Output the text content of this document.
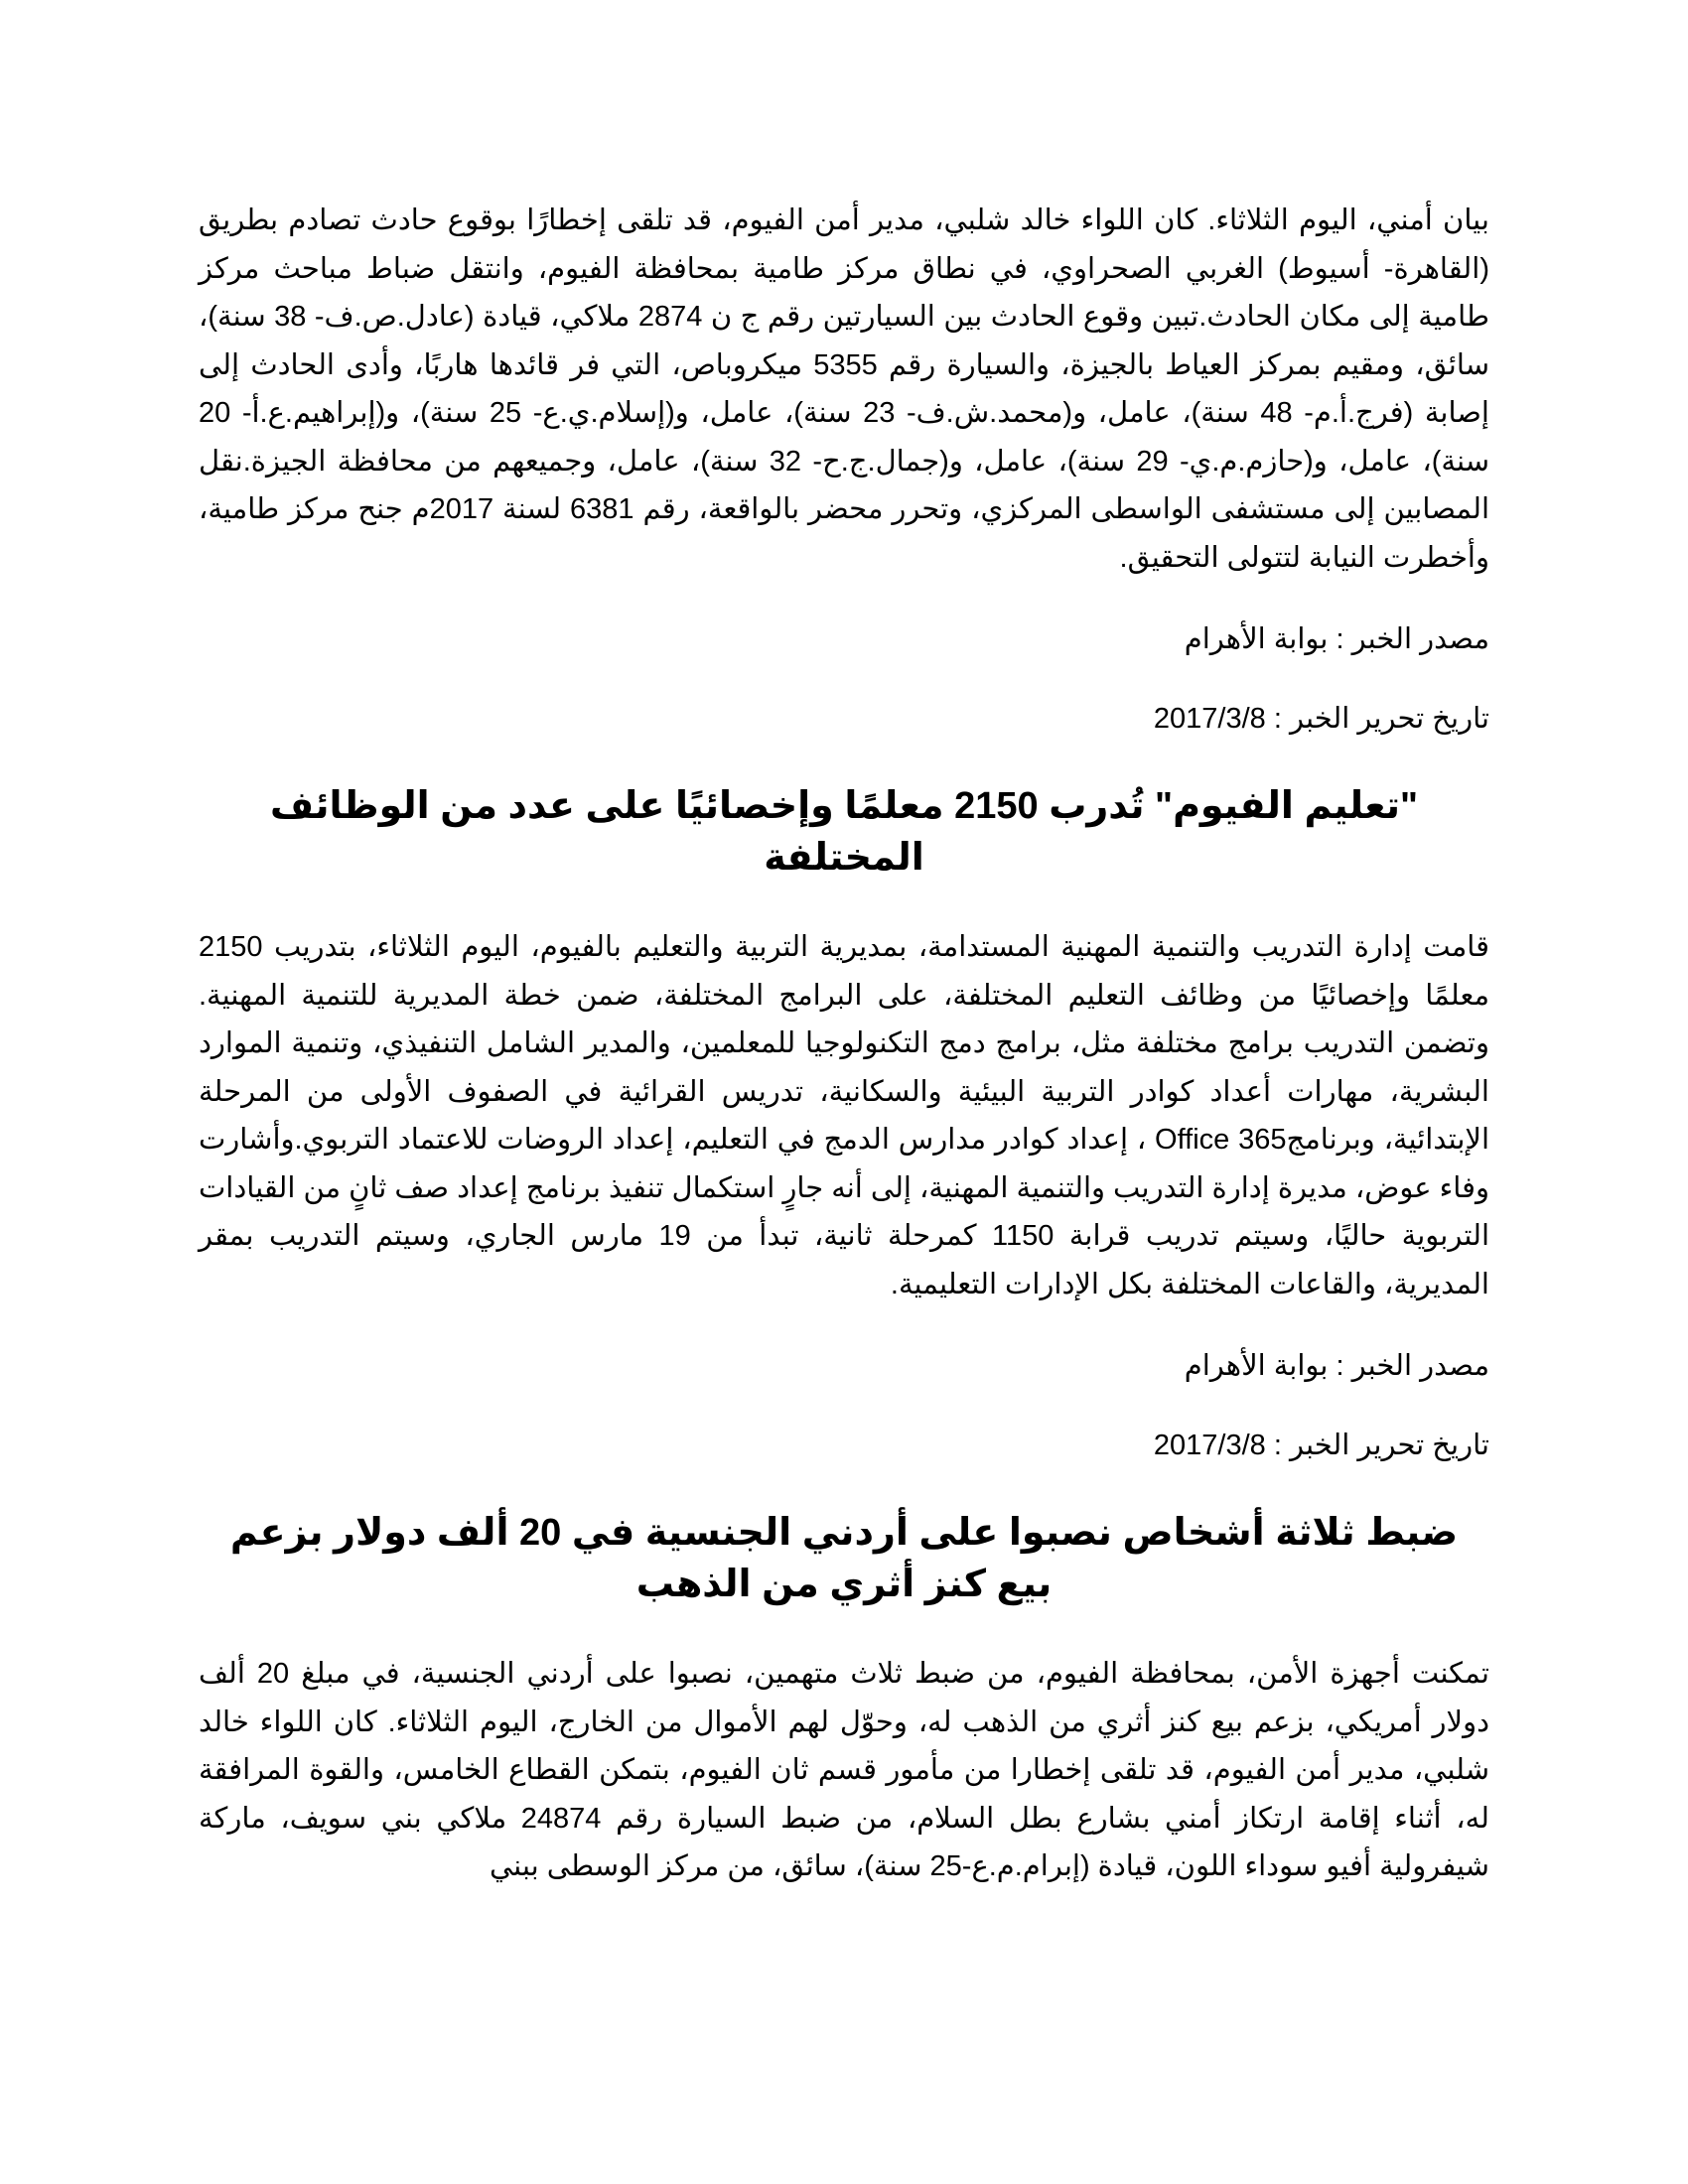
بيان أمني، اليوم الثلاثاء. كان اللواء خالد شلبي، مدير أمن الفيوم، قد تلقى إخطارًا بوقوع حادث تصادم بطريق (القاهرة- أسيوط) الغربي الصحراوي، في نطاق مركز طامية بمحافظة الفيوم، وانتقل ضباط مباحث مركز طامية إلى مكان الحادث.تبين وقوع الحادث بين السيارتين رقم ج ن 2874 ملاكي، قيادة (عادل.ص.ف- 38 سنة)، سائق، ومقيم بمركز العياط بالجيزة، والسيارة رقم 5355 ميكروباص، التي فر قائدها هاربًا، وأدى الحادث إلى إصابة (فرج.أ.م- 48 سنة)، عامل، و(محمد.ش.ف- 23 سنة)، عامل، و(إسلام.ي.ع- 25 سنة)، و(إبراهيم.ع.أ- 20 سنة)، عامل، و(حازم.م.ي- 29 سنة)، عامل، و(جمال.ج.ح- 32 سنة)، عامل، وجميعهم من محافظة الجيزة.نقل المصابين إلى مستشفى الواسطى المركزي، وتحرر محضر بالواقعة، رقم 6381 لسنة 2017م جنح مركز طامية، وأخطرت النيابة لتتولى التحقيق.

مصدر الخبر : بوابة الأهرام

تاريخ تحرير الخبر : 2017/3/8

"تعليم الفيوم" تُدرب 2150 معلمًا وإخصائيًا على عدد من الوظائف المختلفة

قامت إدارة التدريب والتنمية المهنية المستدامة، بمديرية التربية والتعليم بالفيوم، اليوم الثلاثاء، بتدريب 2150 معلمًا وإخصائيًا من وظائف التعليم المختلفة، على البرامج المختلفة، ضمن خطة المديرية للتنمية المهنية. وتضمن التدريب برامج مختلفة مثل، برامج دمج التكنولوجيا للمعلمين، والمدير الشامل التنفيذي، وتنمية الموارد البشرية، مهارات أعداد كوادر التربية البيئية والسكانية، تدريس القرائية في الصفوف الأولى من المرحلة الإبتدائية، وبرنامجOffice 365 ، إعداد كوادر مدارس الدمج في التعليم، إعداد الروضات للاعتماد التربوي.وأشارت وفاء عوض، مديرة إدارة التدريب والتنمية المهنية، إلى أنه جارٍ استكمال تنفيذ برنامج إعداد صف ثانٍ من القيادات التربوية حاليًا، وسيتم تدريب قرابة 1150 كمرحلة ثانية، تبدأ من 19 مارس الجاري، وسيتم التدريب بمقر المديرية، والقاعات المختلفة بكل الإدارات التعليمية.

مصدر الخبر : بوابة الأهرام

تاريخ تحرير الخبر : 2017/3/8

ضبط ثلاثة أشخاص نصبوا على أردني الجنسية في 20 ألف دولار بزعم بيع كنز أثري من الذهب

تمكنت أجهزة الأمن، بمحافظة الفيوم، من ضبط ثلاث متهمين، نصبوا على أردني الجنسية، في مبلغ 20 ألف دولار أمريكي، بزعم بيع كنز أثري من الذهب له، وحوّل لهم الأموال من الخارج، اليوم الثلاثاء. كان اللواء خالد شلبي، مدير أمن الفيوم، قد تلقى إخطارا من مأمور قسم ثان الفيوم، بتمكن القطاع الخامس، والقوة المرافقة له، أثناء إقامة ارتكاز أمني بشارع بطل السلام، من ضبط السيارة رقم 24874 ملاكي بني سويف، ماركة شيفرولية أفيو سوداء اللون، قيادة (إبرام.م.ع-25 سنة)، سائق، من مركز الوسطى ببني
